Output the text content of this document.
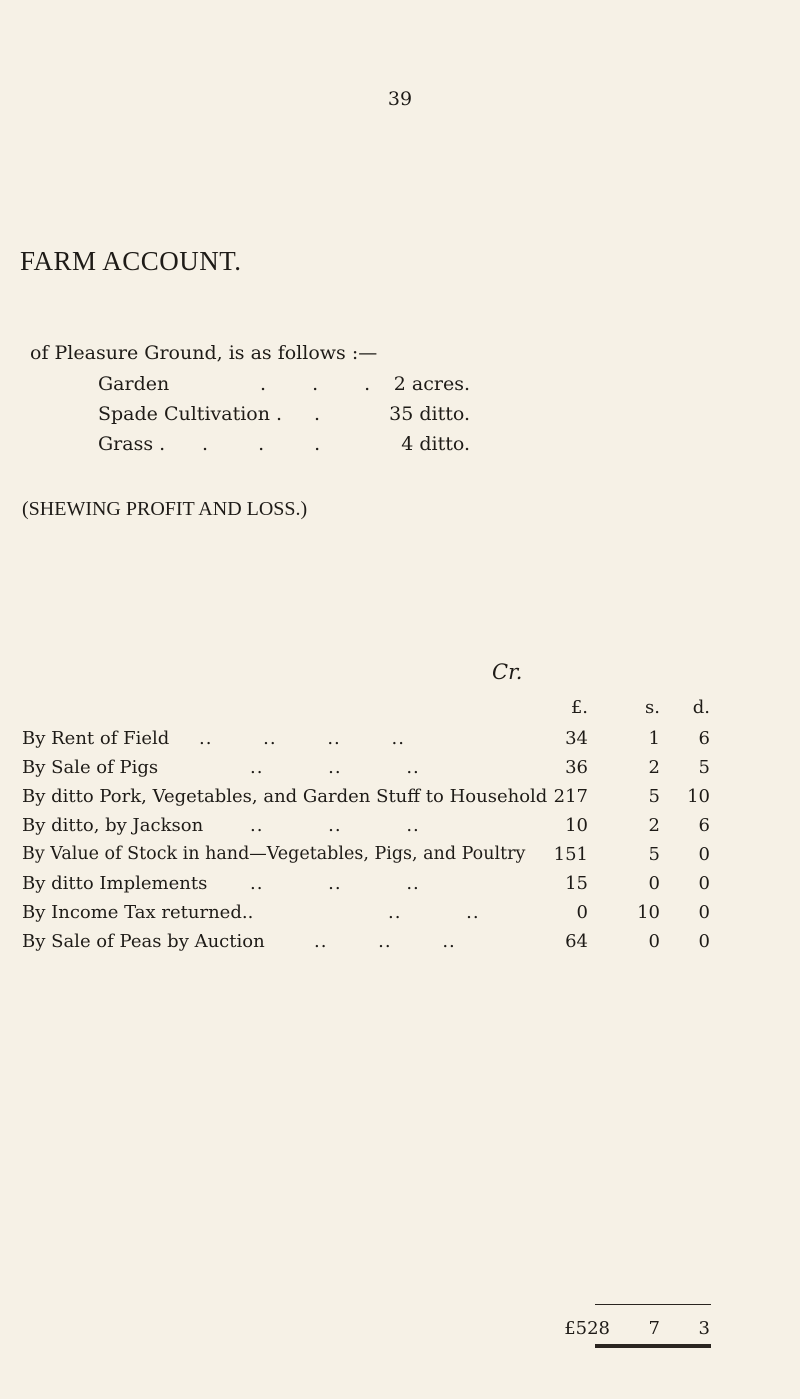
39
FARM ACCOUNT.
of Pleasure Ground, is as follows :—
Garden	. . . 2 acres.
Spade Cultivation . .	35 ditto.
Grass . . . .	4 ditto.
(SHEWING PROFIT AND LOSS.)
Cr.
£.	s. d.
By Rent of Field .. .. .. ..	34	1 6
By Sale of Pigs	.. .. ..	36	2 5
By ditto Pork, Vegetables, and Garden Stuff to Household 217	5 10
By ditto, by Jackson	.. .. ..	10	2 6
By Value of Stock in hand—Vegetables, Pigs, and Poultry 151	5 0
By ditto Implements .. .. ..	15	0 0
By Income Tax returned..	.. ..	0	10 0
By Sale of Peas by Auction	.. .. ..	64	0 0
£528 7 3
